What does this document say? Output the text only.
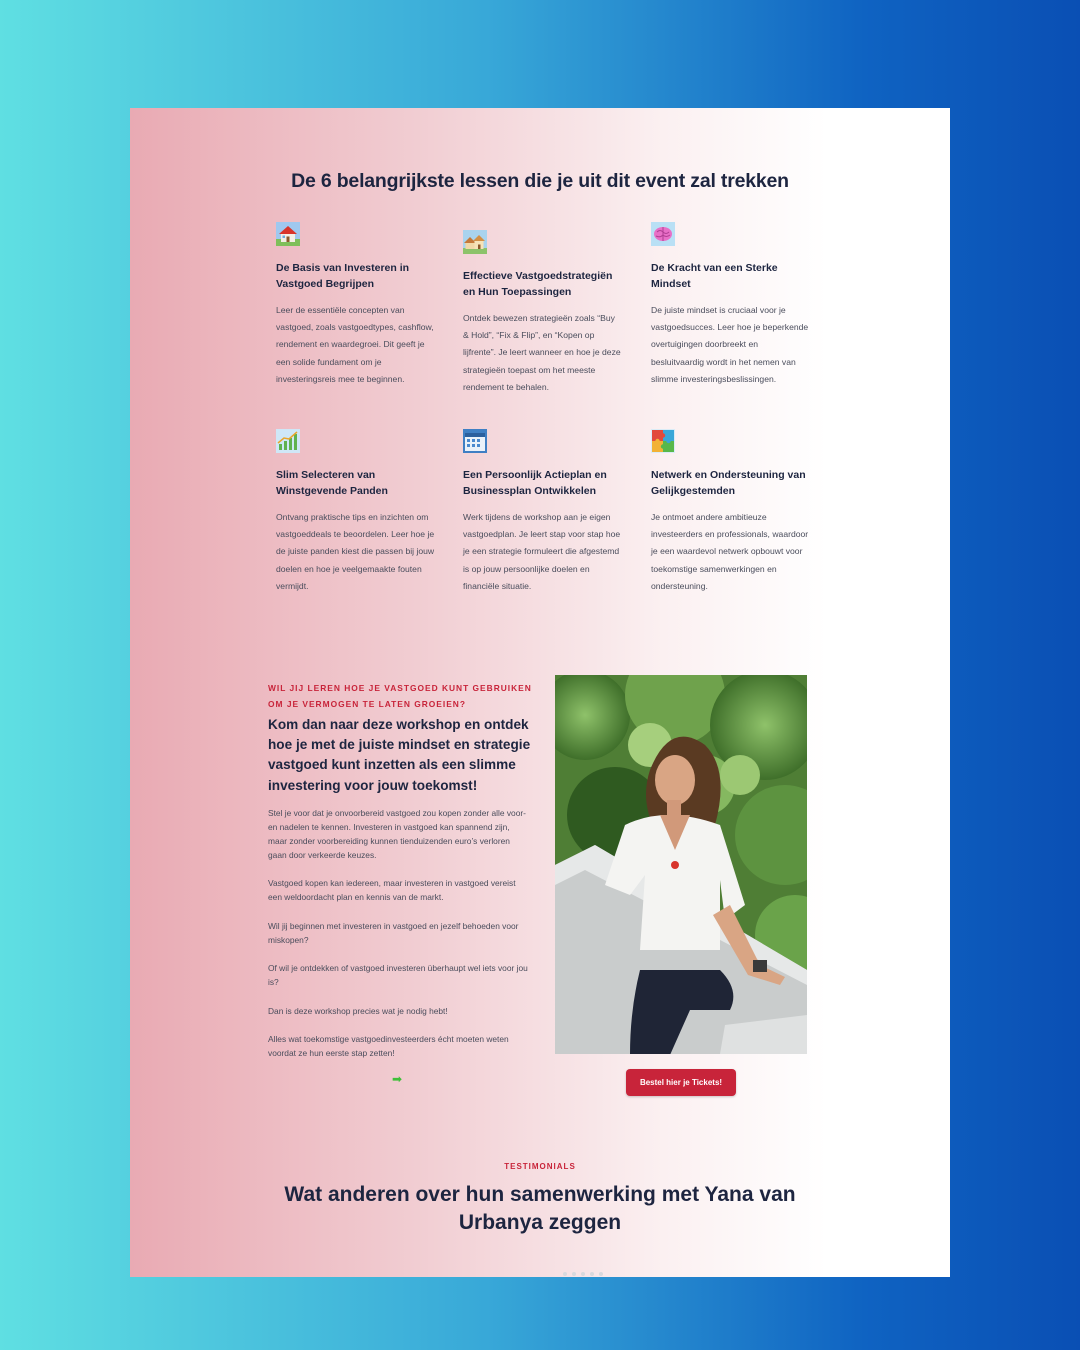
De 6 belangrijkste lessen die je uit dit event zal trekken
De Basis van Investeren in Vastgoed Begrijpen

Leer de essentiële concepten van vastgoed, zoals vastgoedtypes, cashflow, rendement en waardegroei. Dit geeft je een solide fundament om je investeringsreis mee te beginnen.

Effectieve Vastgoedstrategiën en Hun Toepassingen

Ontdek bewezen strategieën zoals “Buy & Hold”, “Fix & Flip”, en “Kopen op lijfrente”. Je leert wanneer en hoe je deze strategieën toepast om het meeste rendement te behalen.

De Kracht van een Sterke Mindset

De juiste mindset is cruciaal voor je vastgoedsucces. Leer hoe je beperkende overtuigingen doorbreekt en besluitvaardig wordt in het nemen van slimme investeringsbeslissingen.

Slim Selecteren van Winstgevende Panden

Ontvang praktische tips en inzichten om vastgoeddeals te beoordelen. Leer hoe je de juiste panden kiest die passen bij jouw doelen en hoe je veelgemaakte fouten vermijdt.

Een Persoonlijk Actieplan en Businessplan Ontwikkelen

Werk tijdens de workshop aan je eigen vastgoedplan. Je leert stap voor stap hoe je een strategie formuleert die afgestemd is op jouw persoonlijke doelen en financiële situatie.

Netwerk en Ondersteuning van Gelijkgestemden

Je ontmoet andere ambitieuze investeerders en professionals, waardoor je een waardevol netwerk opbouwt voor toekomstige samenwerkingen en ondersteuning.

WIL JIJ LEREN HOE JE VASTGOED KUNT GEBRUIKEN OM JE VERMOGEN TE LATEN GROEIEN?
Kom dan naar deze workshop en ontdek hoe je met de juiste mindset en strategie vastgoed kunt inzetten als een slimme investering voor jouw toekomst!

Stel je voor dat je onvoorbereid vastgoed zou kopen zonder alle voor- en nadelen te kennen. Investeren in vastgoed kan spannend zijn, maar zonder voorbereiding kunnen tienduizenden euro’s verloren gaan door verkeerde keuzes.

Vastgoed kopen kan iedereen, maar investeren in vastgoed vereist een weldoordacht plan en kennis van de markt.

Wil jij beginnen met investeren in vastgoed en jezelf behoeden voor miskopen?

Of wil je ontdekken of vastgoed investeren überhaupt wel iets voor jou is?

Dan is deze workshop precies wat je nodig hebt!

Alles wat toekomstige vastgoedinvesteerders écht moeten weten voordat ze hun eerste stap zetten!

➡	Bestel hier je Tickets!
TESTIMONIALS
Wat anderen over hun samenwerking met Yana van Urbanya zeggen
